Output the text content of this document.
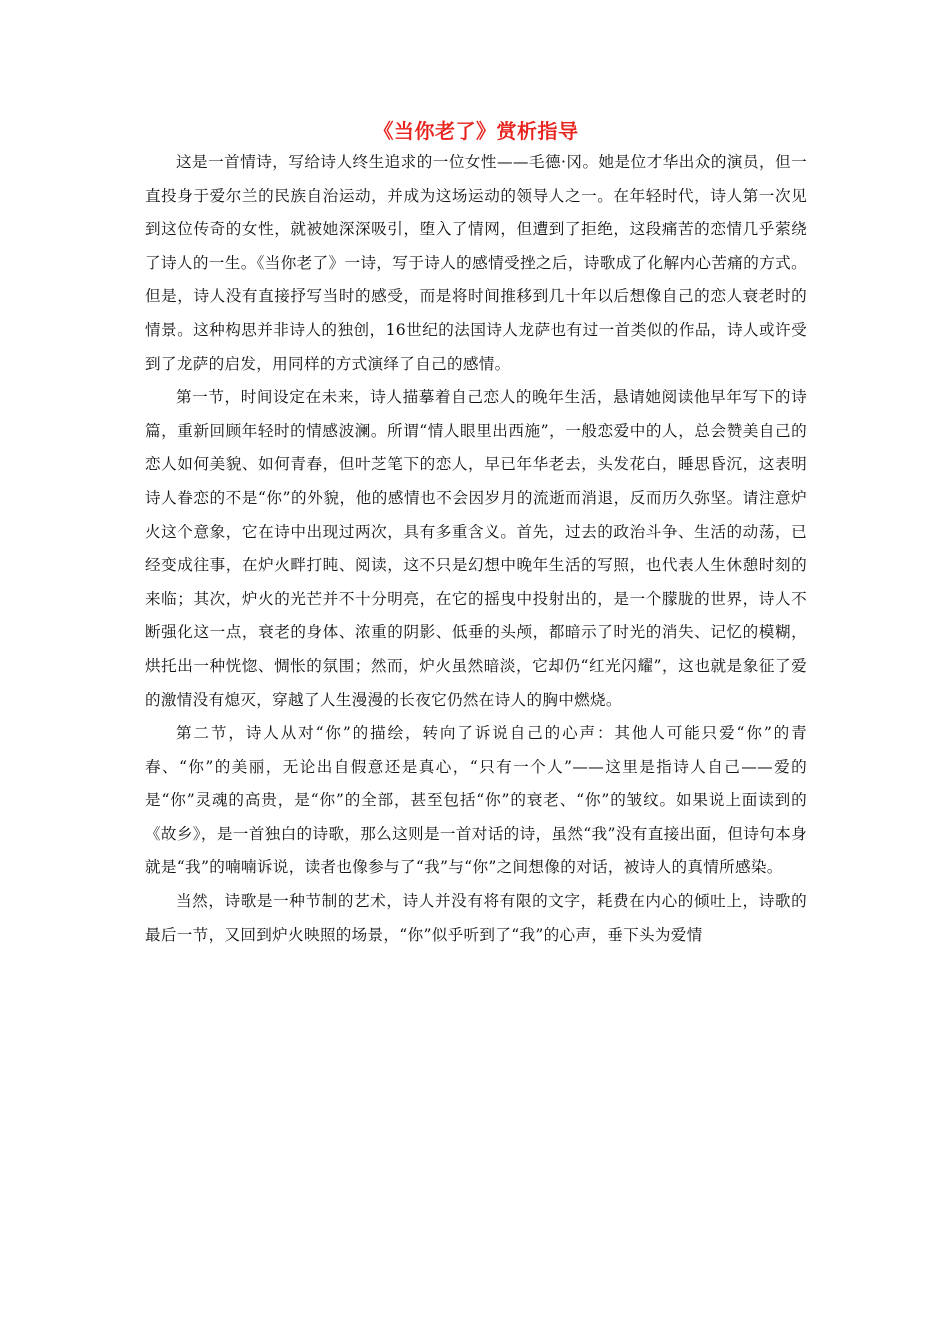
《当你老了》赏析指导

这是一首情诗，写给诗人终生追求的一位女性——毛德·冈。她是位才华出众的演员，但一直投身于爱尔兰的民族自治运动，并成为这场运动的领导人之一。在年轻时代，诗人第一次见到这位传奇的女性，就被她深深吸引，堕入了情网，但遭到了拒绝，这段痛苦的恋情几乎萦绕了诗人的一生。《当你老了》一诗，写于诗人的感情受挫之后，诗歌成了化解内心苦痛的方式。但是，诗人没有直接抒写当时的感受，而是将时间推移到几十年以后想像自己的恋人衰老时的情景。这种构思并非诗人的独创，16世纪的法国诗人龙萨也有过一首类似的作品，诗人或许受到了龙萨的启发，用同样的方式演绎了自己的感情。

第一节，时间设定在未来，诗人描摹着自己恋人的晚年生活，悬请她阅读他早年写下的诗篇，重新回顾年轻时的情感波澜。所谓“情人眼里出西施”，一般恋爱中的人，总会赞美自己的恋人如何美貌、如何青春，但叶芝笔下的恋人，早已年华老去，头发花白，睡思昏沉，这表明诗人眷恋的不是“你”的外貌，他的感情也不会因岁月的流逝而消退，反而历久弥坚。请注意炉火这个意象，它在诗中出现过两次，具有多重含义。首先，过去的政治斗争、生活的动荡，已经变成往事，在炉火畔打盹、阅读，这不只是幻想中晚年生活的写照，也代表人生休憩时刻的来临；其次，炉火的光芒并不十分明亮，在它的摇曳中投射出的，是一个朦胧的世界，诗人不断强化这一点，衰老的身体、浓重的阴影、低垂的头颅，都暗示了时光的消失、记忆的模糊，烘托出一种恍惚、惆怅的氛围；然而，炉火虽然暗淡，它却仍“红光闪耀”，这也就是象征了爱的激情没有熄灭，穿越了人生漫漫的长夜它仍然在诗人的胸中燃烧。

第二节，诗人从对“你”的描绘，转向了诉说自己的心声：其他人可能只爱“你”的青春、“你”的美丽，无论出自假意还是真心，“只有一个人”——这里是指诗人自己——爱的是“你”灵魂的高贵，是“你”的全部，甚至包括“你”的衰老、“你”的皱纹。如果说上面读到的《故乡》，是一首独白的诗歌，那么这则是一首对话的诗，虽然“我”没有直接出面，但诗句本身就是“我”的喃喃诉说，读者也像参与了“我”与“你”之间想像的对话，被诗人的真情所感染。

当然，诗歌是一种节制的艺术，诗人并没有将有限的文字，耗费在内心的倾吐上，诗歌的最后一节，又回到炉火映照的场景，“你”似乎听到了“我”的心声，垂下头为爱情
